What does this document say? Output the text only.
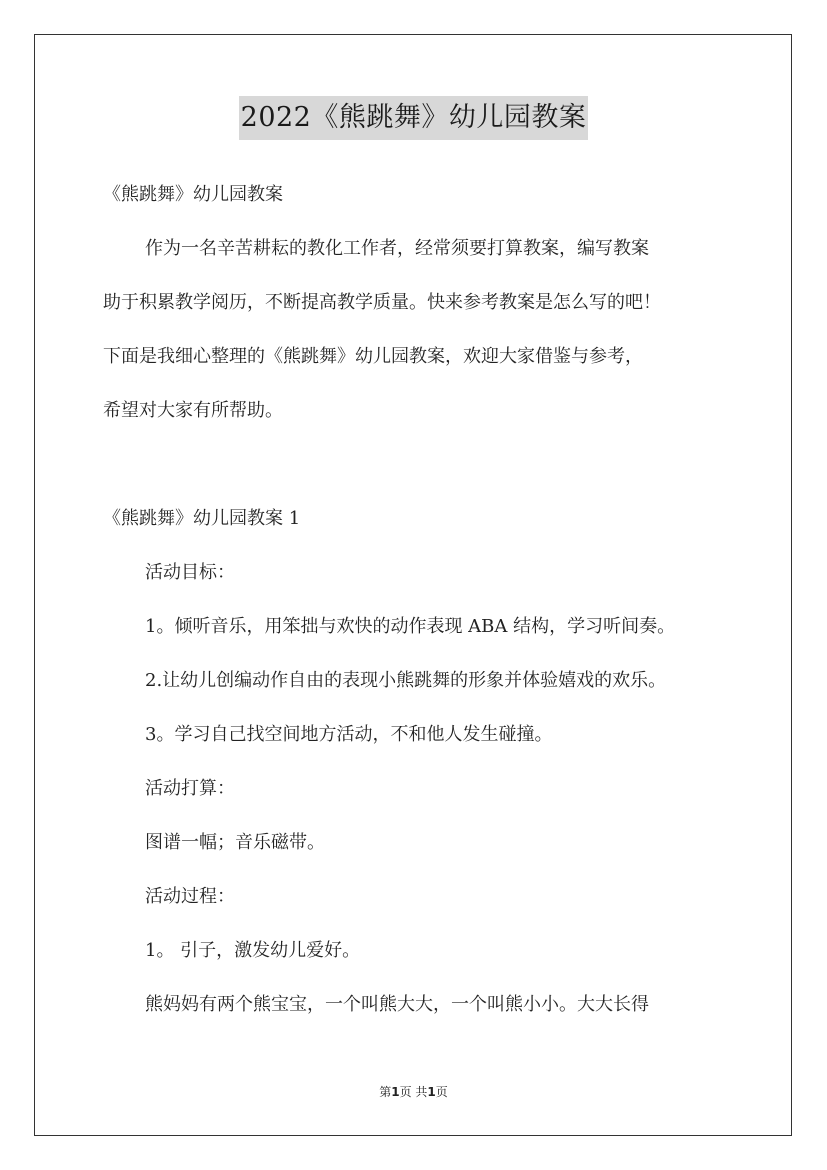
2022《熊跳舞》幼儿园教案
《熊跳舞》幼儿园教案
作为一名辛苦耕耘的教化工作者，经常须要打算教案，编写教案
助于积累教学阅历，不断提高教学质量。快来参考教案是怎么写的吧！
下面是我细心整理的《熊跳舞》幼儿园教案，欢迎大家借鉴与参考，
希望对大家有所帮助。
《熊跳舞》幼儿园教案 1
活动目标：
1。倾听音乐，用笨拙与欢快的动作表现 ABA 结构，学习听间奏。
2.让幼儿创编动作自由的表现小熊跳舞的形象并体验嬉戏的欢乐。
3。学习自己找空间地方活动，不和他人发生碰撞。
活动打算：
图谱一幅；音乐磁带。
活动过程：
1。 引子，激发幼儿爱好。
熊妈妈有两个熊宝宝，一个叫熊大大，一个叫熊小小。大大长得
第1页 共1页
